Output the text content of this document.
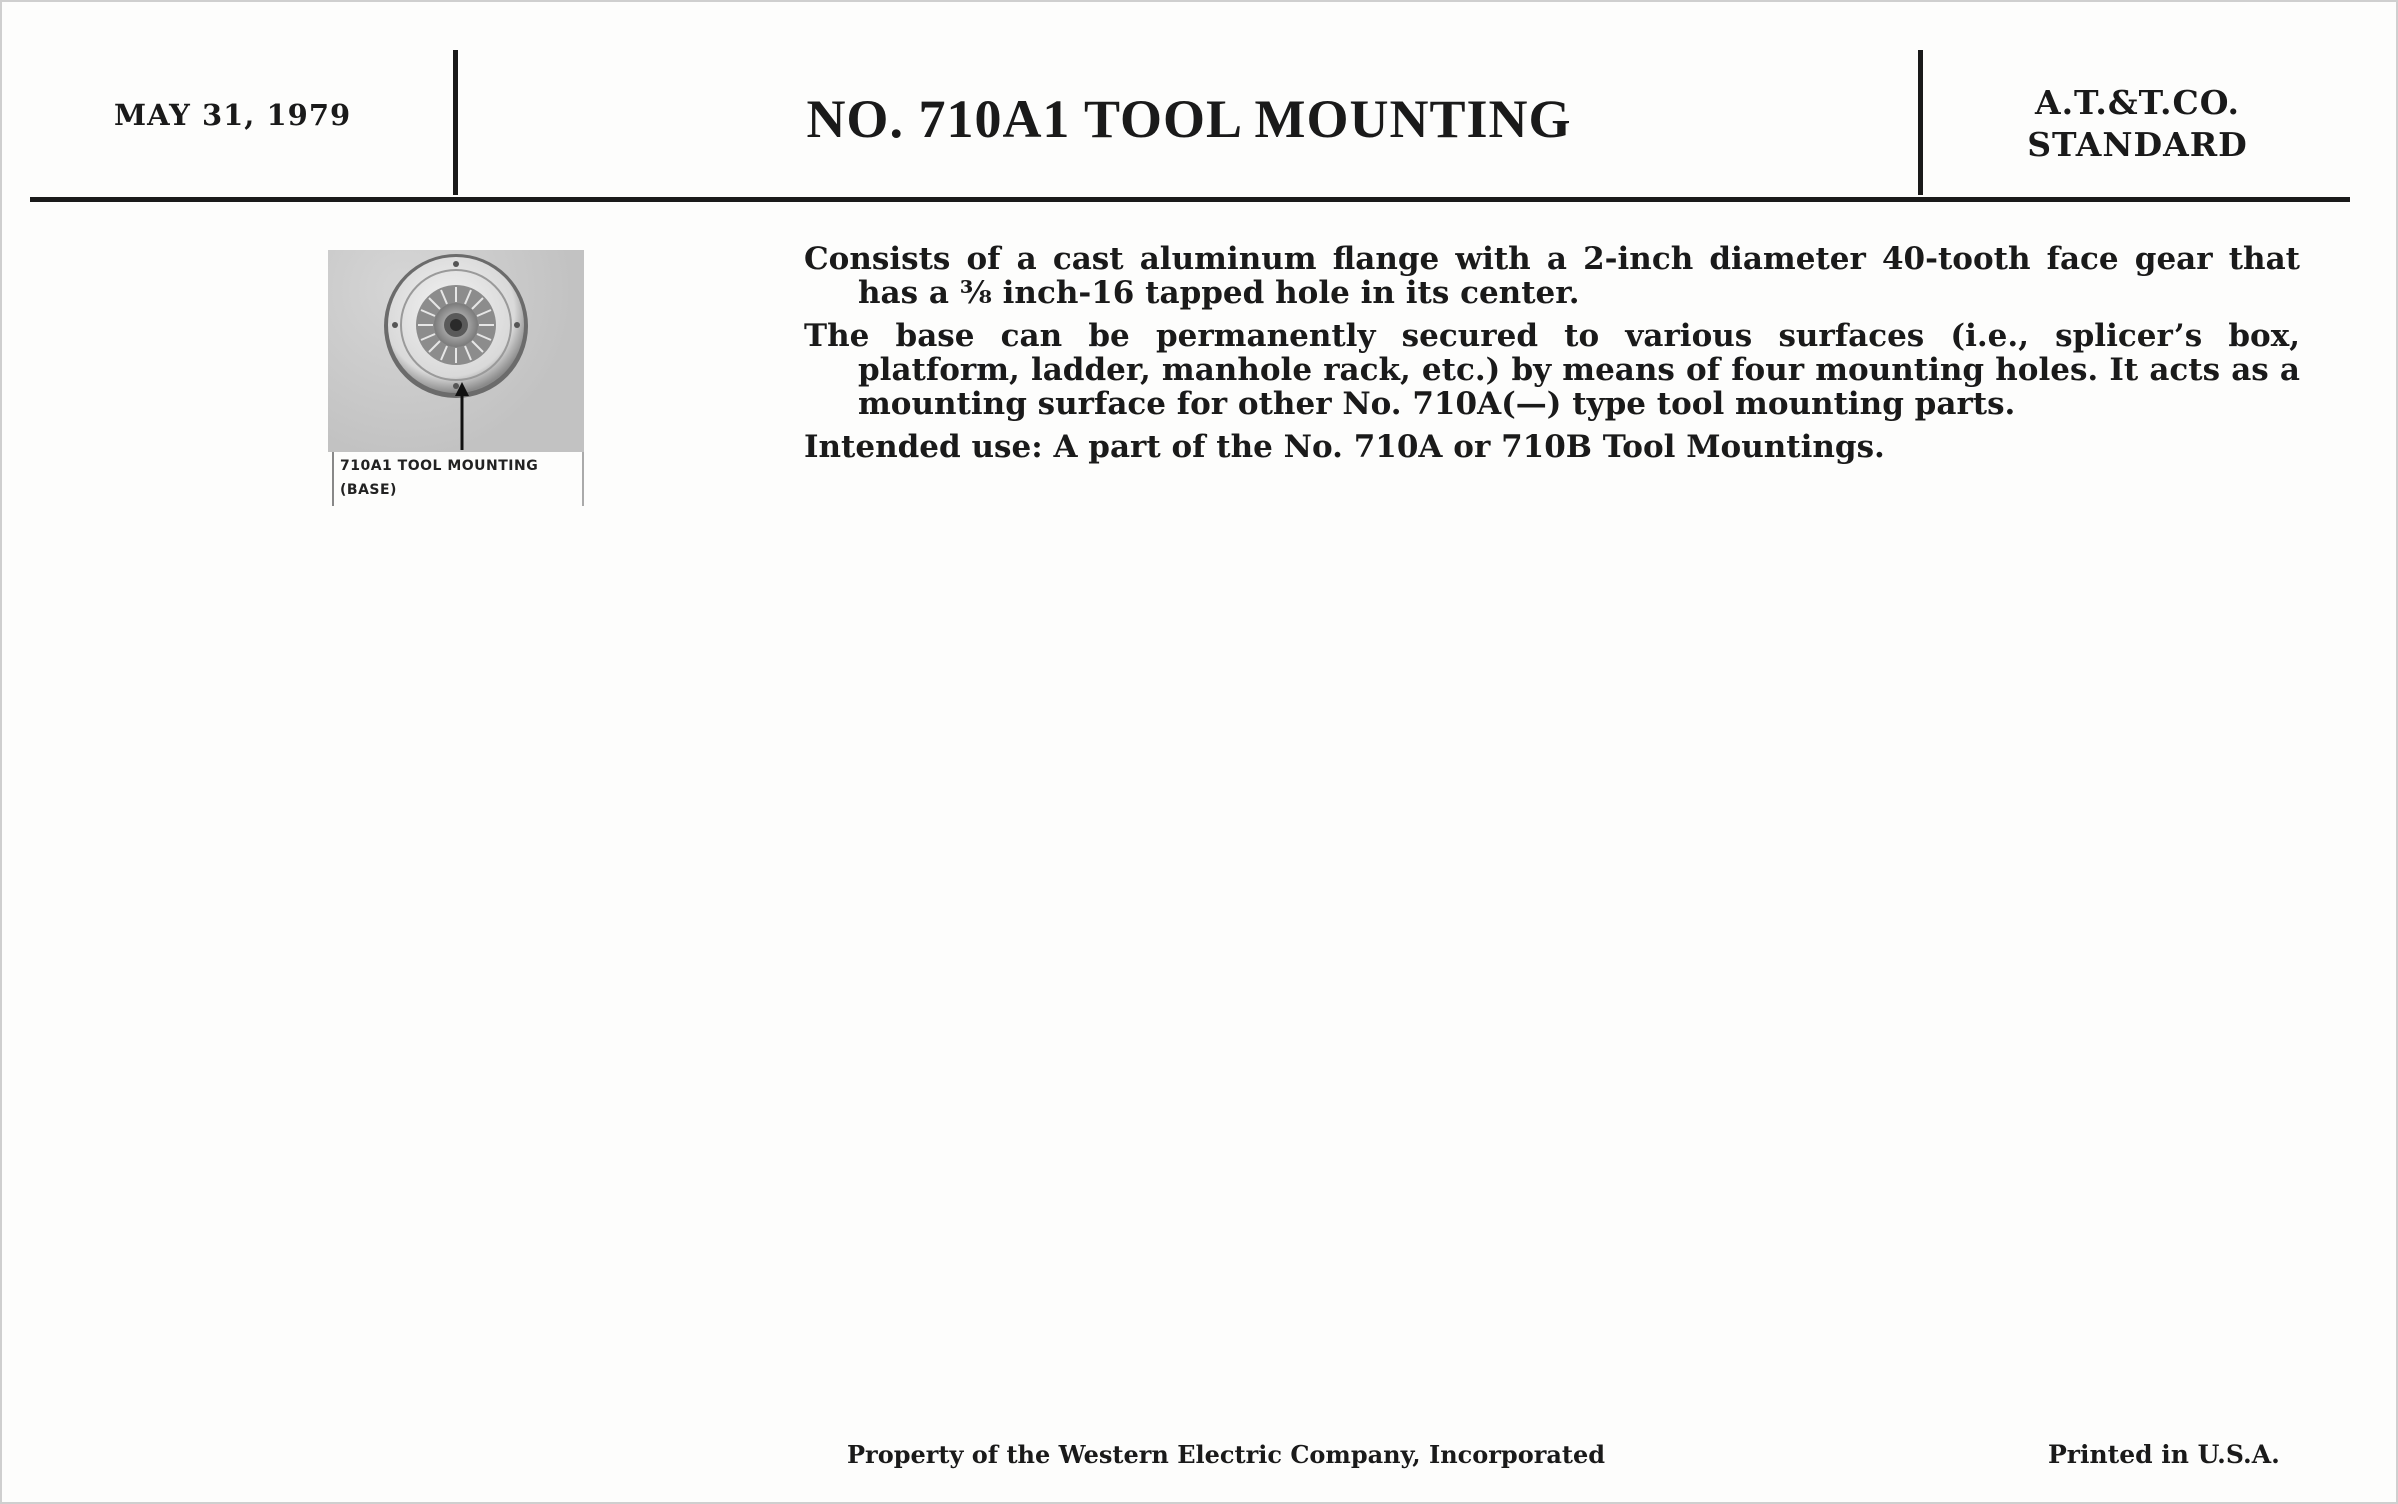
MAY 31, 1979	NO. 710A1 TOOL MOUNTING	A.T.&T.CO.
STANDARD
710A1 TOOL MOUNTING
(BASE)

Consists of a cast aluminum flange with a 2-inch diameter 40-tooth face gear that has a ⅜ inch-16 tapped hole in its center.

The base can be permanently secured to various surfaces (i.e., splicer’s box, platform, ladder, manhole rack, etc.) by means of four mounting holes. It acts as a mounting surface for other No. 710A(—) type tool mounting parts.

Intended use: A part of the No. 710A or 710B Tool Mountings.

Property of the Western Electric Company, Incorporated	Printed in U.S.A.
